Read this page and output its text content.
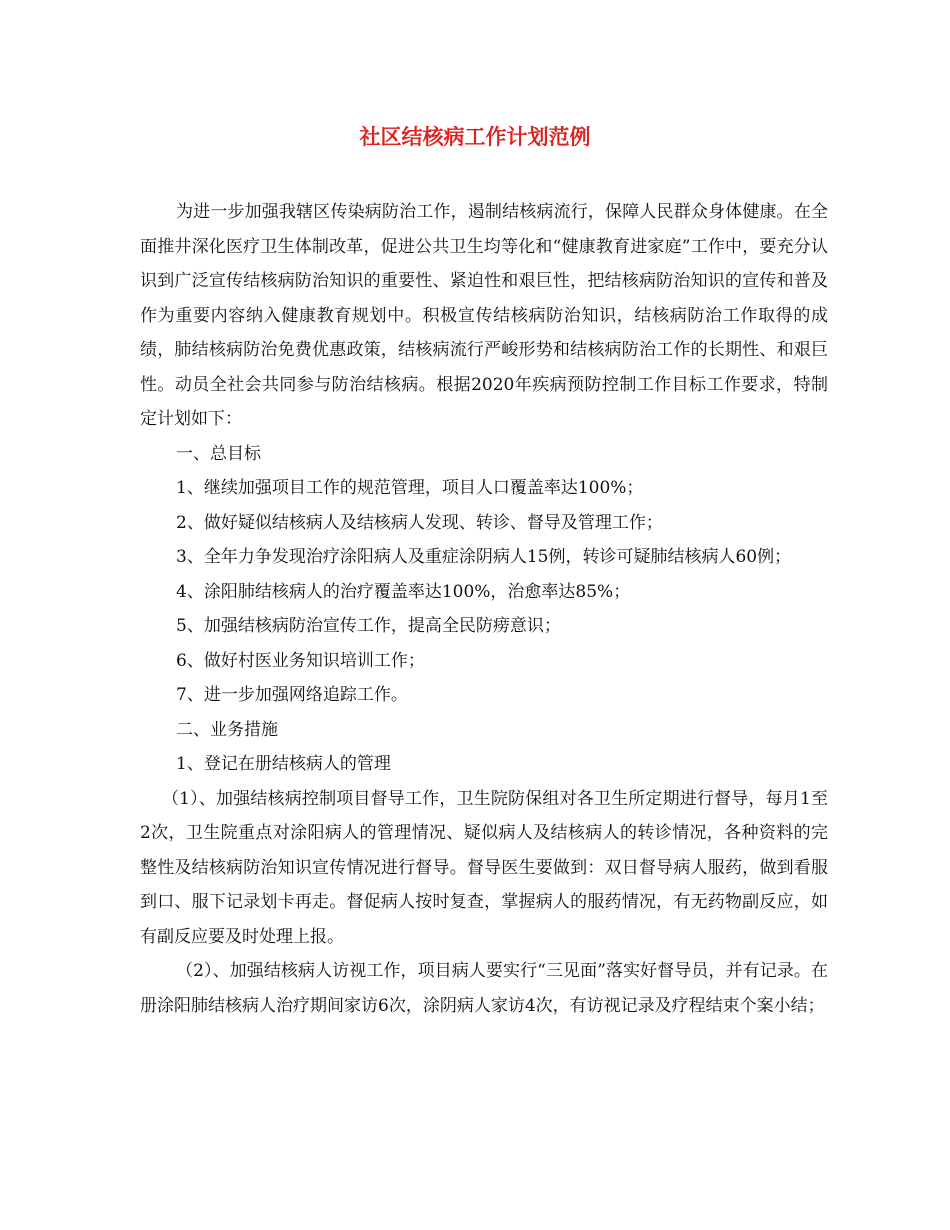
社区结核病工作计划范例

为进一步加强我辖区传染病防治工作，遏制结核病流行，保障人民群众身体健康。在全面推井深化医疗卫生体制改革，促进公共卫生均等化和“健康教育进家庭”工作中，要充分认识到广泛宣传结核病防治知识的重要性、紧迫性和艰巨性，把结核病防治知识的宣传和普及作为重要内容纳入健康教育规划中。积极宣传结核病防治知识，结核病防治工作取得的成绩，肺结核病防治免费优惠政策，结核病流行严峻形势和结核病防治工作的长期性、和艰巨性。动员全社会共同参与防治结核病。根据2020年疾病预防控制工作目标工作要求，特制定计划如下：

一、总目标

1、继续加强项目工作的规范管理，项目人口覆盖率达100%；

2、做好疑似结核病人及结核病人发现、转诊、督导及管理工作；

3、全年力争发现治疗涂阳病人及重症涂阴病人15例，转诊可疑肺结核病人60例；

4、涂阳肺结核病人的治疗覆盖率达100%，治愈率达85%；

5、加强结核病防治宣传工作，提高全民防痨意识；

6、做好村医业务知识培训工作；

7、进一步加强网络追踪工作。

二、业务措施

1、登记在册结核病人的管理

（1）、加强结核病控制项目督导工作，卫生院防保组对各卫生所定期进行督导，每月1至2次，卫生院重点对涂阳病人的管理情况、疑似病人及结核病人的转诊情况，各种资料的完整性及结核病防治知识宣传情况进行督导。督导医生要做到：双日督导病人服药，做到看服到口、服下记录划卡再走。督促病人按时复查，掌握病人的服药情况，有无药物副反应，如有副反应要及时处理上报。

（2）、加强结核病人访视工作，项目病人要实行“三见面”落实好督导员，并有记录。在册涂阳肺结核病人治疗期间家访6次，涂阴病人家访4次，有访视记录及疗程结束个案小结；
